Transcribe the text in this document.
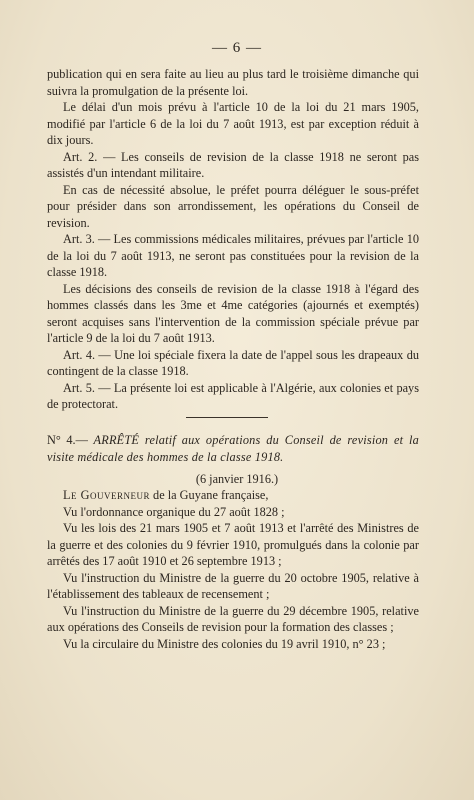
— 6 —

publication qui en sera faite au lieu au plus tard le troisième dimanche qui suivra la promulgation de la présente loi.

Le délai d'un mois prévu à l'article 10 de la loi du 21 mars 1905, modifié par l'article 6 de la loi du 7 août 1913, est par exception réduit à dix jours.

Art. 2. — Les conseils de revision de la classe 1918 ne seront pas assistés d'un intendant militaire.

En cas de nécessité absolue, le préfet pourra déléguer le sous-préfet pour présider dans son arrondissement, les opérations du Conseil de revision.

Art. 3. — Les commissions médicales militaires, prévues par l'article 10 de la loi du 7 août 1913, ne seront pas constituées pour la revision de la classe 1918.

Les décisions des conseils de revision de la classe 1918 à l'égard des hommes classés dans les 3me et 4me catégories (ajournés et exemptés) seront acquises sans l'intervention de la commission spéciale prévue par l'article 9 de la loi du 7 août 1913.

Art. 4. — Une loi spéciale fixera la date de l'appel sous les drapeaux du contingent de la classe 1918.

Art. 5. — La présente loi est applicable à l'Algérie, aux colonies et pays de protectorat.

N° 4.— ARRÊTÉ relatif aux opérations du Conseil de revision et la visite médicale des hommes de la classe 1918.
(6 janvier 1916.)

Le Gouverneur de la Guyane française,

Vu l'ordonnance organique du 27 août 1828 ;

Vu les lois des 21 mars 1905 et 7 août 1913 et l'arrêté des Ministres de la guerre et des colonies du 9 février 1910, promulgués dans la colonie par arrêtés des 17 août 1910 et 26 septembre 1913 ;

Vu l'instruction du Ministre de la guerre du 20 octobre 1905, relative à l'établissement des tableaux de recensement ;

Vu l'instruction du Ministre de la guerre du 29 décembre 1905, relative aux opérations des Conseils de revision pour la formation des classes ;

Vu la circulaire du Ministre des colonies du 19 avril 1910, n° 23 ;
